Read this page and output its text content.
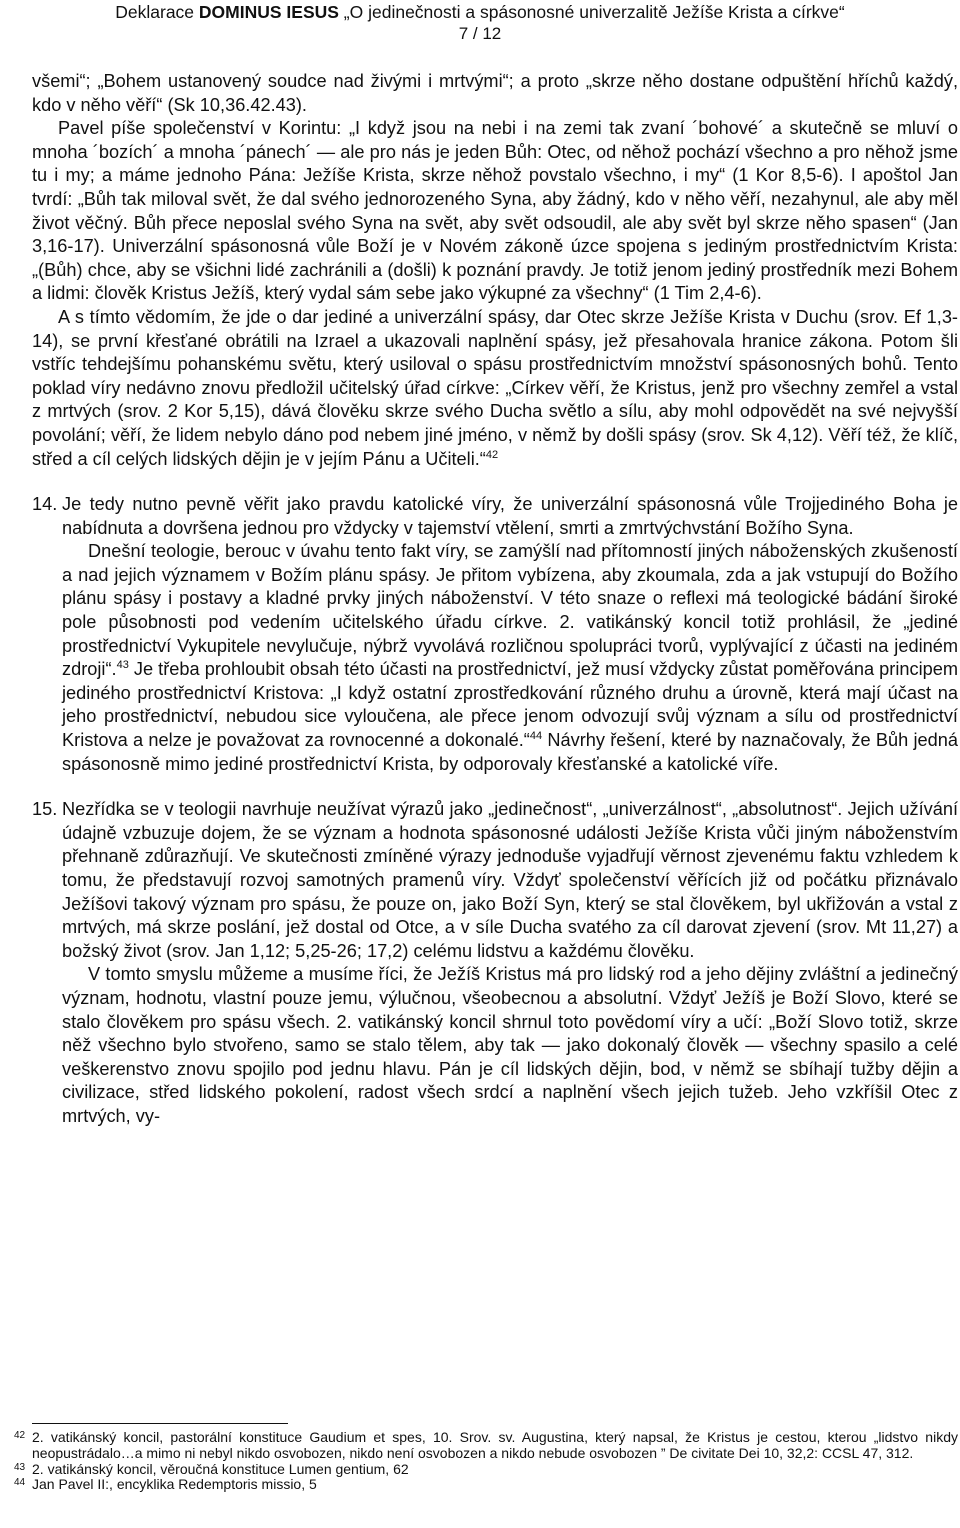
Deklarace DOMINUS IESUS „O jedinečnosti a spásonosné univerzalitě Ježíše Krista a církve“
7 / 12

všemi“; „Bohem ustanovený soudce nad živými i mrtvými“; a proto „skrze něho dostane odpuštění hříchů každý, kdo v něho věří“ (Sk 10,36.42.43).

Pavel píše společenství v Korintu: „I když jsou na nebi i na zemi tak zvaní ´bohové´ a skutečně se mluví o mnoha ´bozích´ a mnoha ´pánech´ — ale pro nás je jeden Bůh: Otec, od něhož pochází všechno a pro něhož jsme tu i my; a máme jednoho Pána: Ježíše Krista, skrze něhož povstalo všechno, i my“ (1 Kor 8,5-6). I apoštol Jan tvrdí: „Bůh tak miloval svět, že dal svého jednorozeného Syna, aby žádný, kdo v něho věří, nezahynul, ale aby měl život věčný. Bůh přece neposlal svého Syna na svět, aby svět odsoudil, ale aby svět byl skrze něho spasen“ (Jan 3,16-17). Univerzální spásonosná vůle Boží je v Novém zákoně úzce spojena s jediným prostřednictvím Krista: „(Bůh) chce, aby se všichni lidé zachránili a (došli) k poznání pravdy. Je totiž jenom jediný prostředník mezi Bohem a lidmi: člověk Kristus Ježíš, který vydal sám sebe jako výkupné za všechny“ (1 Tim 2,4-6).

A s tímto vědomím, že jde o dar jediné a univerzální spásy, dar Otec skrze Ježíše Krista v Duchu (srov. Ef 1,3-14), se první křesťané obrátili na Izrael a ukazovali naplnění spásy, jež přesahovala hranice zákona. Potom šli vstříc tehdejšímu pohanskému světu, který usiloval o spásu prostřednictvím množství spásonosných bohů. Tento poklad víry nedávno znovu předložil učitelský úřad církve: „Církev věří, že Kristus, jenž pro všechny zemřel a vstal z mrtvých (srov. 2 Kor 5,15), dává člověku skrze svého Ducha světlo a sílu, aby mohl odpovědět na své nejvyšší povolání; věří, že lidem nebylo dáno pod nebem jiné jméno, v němž by došli spásy (srov. Sk 4,12). Věří též, že klíč, střed a cíl celých lidských dějin je v jejím Pánu a Učiteli.“$^{42}$

14. Je tedy nutno pevně věřit jako pravdu katolické víry, že univerzální spásonosná vůle Trojjediného Boha je nabídnuta a dovršena jednou pro vždycky v tajemství vtělení, smrti a zmrtvýchvstání Božího Syna.

Dnešní teologie, berouc v úvahu tento fakt víry, se zamýšlí nad přítomností jiných náboženských zkušeností a nad jejich významem v Božím plánu spásy. Je přitom vybízena, aby zkoumala, zda a jak vstupují do Božího plánu spásy i postavy a kladné prvky jiných náboženství. V této snaze o reflexi má teologické bádání široké pole působnosti pod vedením učitelského úřadu církve. 2. vatikánský koncil totiž prohlásil, že „jediné prostřednictví Vykupitele nevylučuje, nýbrž vyvolává rozličnou spolupráci tvorů, vyplývající z účasti na jediném zdroji“.$^{43}$ Je třeba prohloubit obsah této účasti na prostřednictví, jež musí vždycky zůstat poměřována principem jediného prostřednictví Kristova: „I když ostatní zprostředkování různého druhu a úrovně, která mají účast na jeho prostřednictví, nebudou sice vyloučena, ale přece jenom odvozují svůj význam a sílu od prostřednictví Kristova a nelze je považovat za rovnocenné a dokonalé.“$^{44}$ Návrhy řešení, které by naznačovaly, že Bůh jedná spásonosně mimo jediné prostřednictví Krista, by odporovaly křesťanské a katolické víře.

15. Nezřídka se v teologii navrhuje neužívat výrazů jako „jedinečnost“, „univerzálnost“, „absolutnost“. Jejich užívání údajně vzbuzuje dojem, že se význam a hodnota spásonosné události Ježíše Krista vůči jiným náboženstvím přehnaně zdůrazňují. Ve skutečnosti zmíněné výrazy jednoduše vyjadřují věrnost zjevenému faktu vzhledem k tomu, že představují rozvoj samotných pramenů víry. Vždyť společenství věřících již od počátku přiznávalo Ježíšovi takový význam pro spásu, že pouze on, jako Boží Syn, který se stal člověkem, byl ukřižován a vstal z mrtvých, má skrze poslání, jež dostal od Otce, a v síle Ducha svatého za cíl darovat zjevení (srov. Mt 11,27) a božský život (srov. Jan 1,12; 5,25-26; 17,2) celému lidstvu a každému člověku.

V tomto smyslu můžeme a musíme říci, že Ježíš Kristus má pro lidský rod a jeho dějiny zvláštní a jedinečný význam, hodnotu, vlastní pouze jemu, výlučnou, všeobecnou a absolutní. Vždyť Ježíš je Boží Slovo, které se stalo člověkem pro spásu všech. 2. vatikánský koncil shrnul toto povědomí víry a učí: „Boží Slovo totiž, skrze něž všechno bylo stvořeno, samo se stalo tělem, aby tak — jako dokonalý člověk — všechny spasilo a celé veškerenstvo znovu spojilo pod jednu hlavu. Pán je cíl lidských dějin, bod, v němž se sbíhají tužby dějin a civilizace, střed lidského pokolení, radost všech srdcí a naplnění všech jejich tužeb. Jeho vzkříšil Otec z mrtvých, vy-

42 2. vatikánský koncil, pastorální konstituce Gaudium et spes, 10. Srov. sv. Augustina, který napsal, že Kristus je cestou, kterou „lidstvo nikdy neopustrádalo…a mimo ni nebyl nikdo osvobozen, nikdo není osvobozen a nikdo nebude osvobozen ” De civitate Dei 10, 32,2: CCSL 47, 312.
43 2. vatikánský koncil, věroučná konstituce Lumen gentium, 62
44 Jan Pavel II:, encyklika Redemptoris missio, 5
